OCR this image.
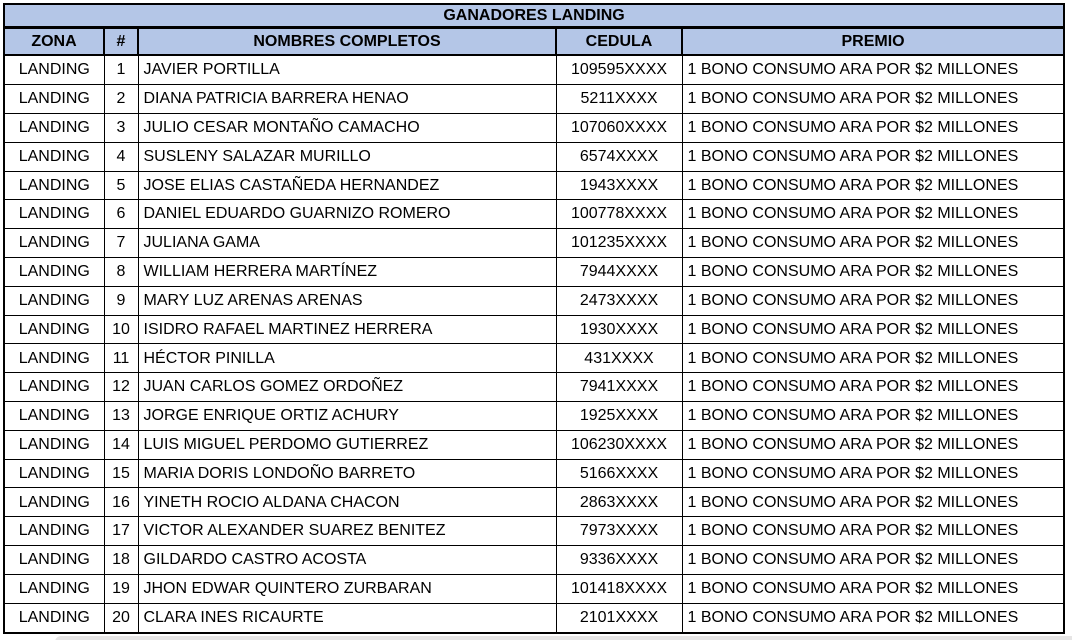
GANADORES LANDING				
ZONA	#	NOMBRES COMPLETOS	CEDULA	PREMIO
LANDING	1	JAVIER PORTILLA	109595XXXX	1 BONO CONSUMO ARA POR $2 MILLONES
LANDING	2	DIANA PATRICIA BARRERA HENAO	5211XXXX	1 BONO CONSUMO ARA POR $2 MILLONES
LANDING	3	JULIO CESAR MONTAÑO CAMACHO	107060XXXX	1 BONO CONSUMO ARA POR $2 MILLONES
LANDING	4	SUSLENY SALAZAR MURILLO	6574XXXX	1 BONO CONSUMO ARA POR $2 MILLONES
LANDING	5	JOSE ELIAS CASTAÑEDA HERNANDEZ	1943XXXX	1 BONO CONSUMO ARA POR $2 MILLONES
LANDING	6	DANIEL EDUARDO GUARNIZO ROMERO	100778XXXX	1 BONO CONSUMO ARA POR $2 MILLONES
LANDING	7	JULIANA GAMA	101235XXXX	1 BONO CONSUMO ARA POR $2 MILLONES
LANDING	8	WILLIAM HERRERA MARTÍNEZ	7944XXXX	1 BONO CONSUMO ARA POR $2 MILLONES
LANDING	9	MARY LUZ ARENAS ARENAS	2473XXXX	1 BONO CONSUMO ARA POR $2 MILLONES
LANDING	10	ISIDRO RAFAEL MARTINEZ HERRERA	1930XXXX	1 BONO CONSUMO ARA POR $2 MILLONES
LANDING	11	HÉCTOR PINILLA	431XXXX	1 BONO CONSUMO ARA POR $2 MILLONES
LANDING	12	JUAN CARLOS GOMEZ ORDOÑEZ	7941XXXX	1 BONO CONSUMO ARA POR $2 MILLONES
LANDING	13	JORGE ENRIQUE ORTIZ ACHURY	1925XXXX	1 BONO CONSUMO ARA POR $2 MILLONES
LANDING	14	LUIS MIGUEL PERDOMO GUTIERREZ	106230XXXX	1 BONO CONSUMO ARA POR $2 MILLONES
LANDING	15	MARIA DORIS LONDOÑO BARRETO	5166XXXX	1 BONO CONSUMO ARA POR $2 MILLONES
LANDING	16	YINETH ROCIO ALDANA CHACON	2863XXXX	1 BONO CONSUMO ARA POR $2 MILLONES
LANDING	17	VICTOR ALEXANDER SUAREZ BENITEZ	7973XXXX	1 BONO CONSUMO ARA POR $2 MILLONES
LANDING	18	GILDARDO CASTRO ACOSTA	9336XXXX	1 BONO CONSUMO ARA POR $2 MILLONES
LANDING	19	JHON EDWAR QUINTERO ZURBARAN	101418XXXX	1 BONO CONSUMO ARA POR $2 MILLONES
LANDING	20	CLARA INES RICAURTE	2101XXXX	1 BONO CONSUMO ARA POR $2 MILLONES
